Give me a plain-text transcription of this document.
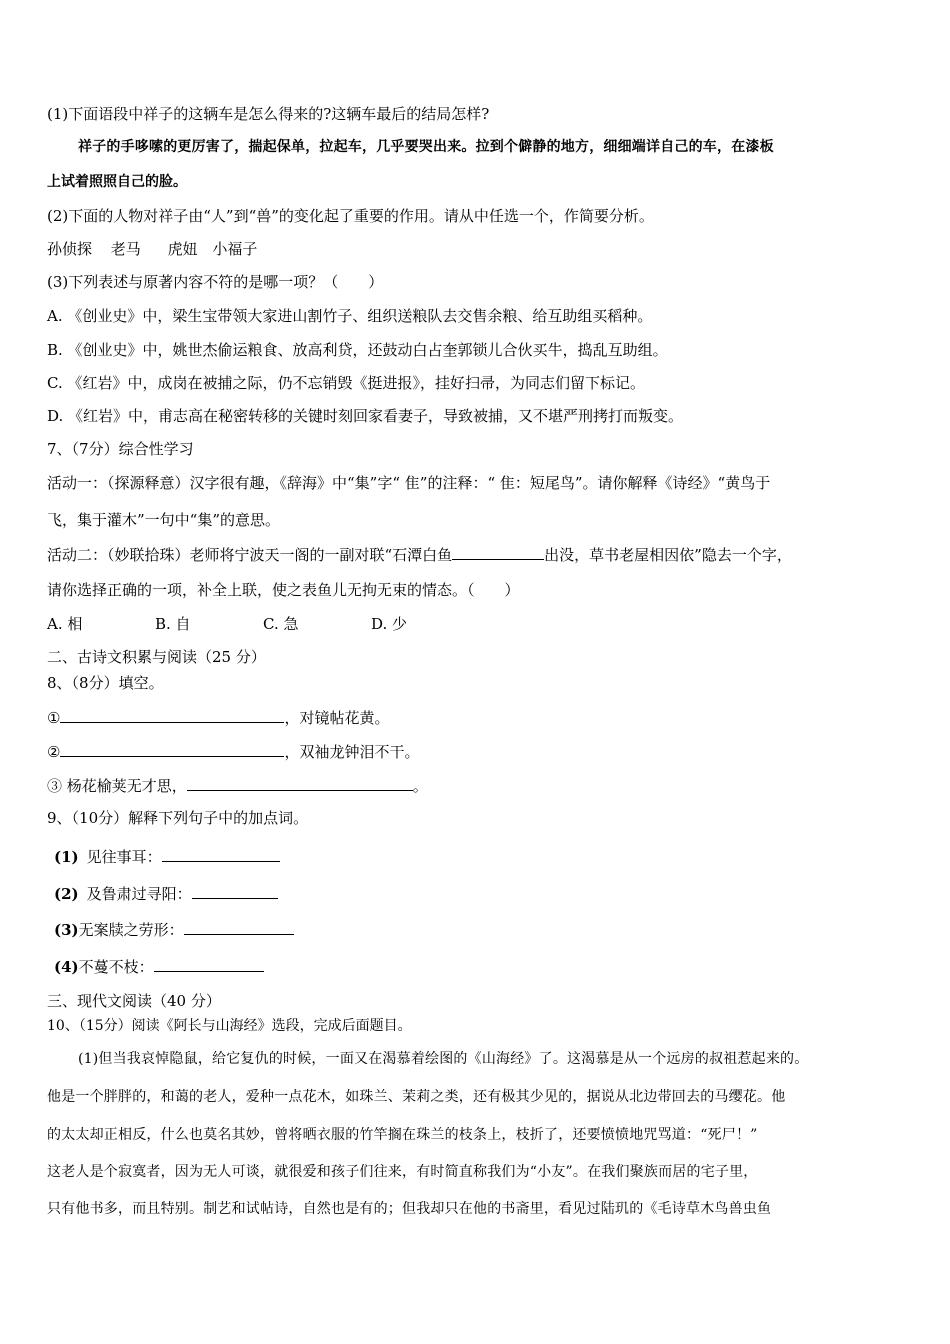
(1)下面语段中祥子的这辆车是怎么得来的?这辆车最后的结局怎样?
祥子的手哆嗦的更厉害了，揣起保单，拉起车，几乎要哭出来。拉到个僻静的地方，细细端详自己的车，在漆板
上试着照照自己的脸。
(2)下面的人物对祥子由“人”到“兽”的变化起了重要的作用。请从中任选一个，作简要分析。
孙侦探 老马 虎妞 小福子
(3)下列表述与原著内容不符的是哪一项？（　　）
A. 《创业史》中，梁生宝带领大家进山割竹子、组织送粮队去交售余粮、给互助组买稻种。
B. 《创业史》中，姚世杰偷运粮食、放高利贷，还鼓动白占奎郭锁儿合伙买牛，捣乱互助组。
C. 《红岩》中，成岗在被捕之际，仍不忘销毁《挺进报》，挂好扫帚，为同志们留下标记。
D. 《红岩》中，甫志高在秘密转移的关键时刻回家看妻子，导致被捕，又不堪严刑拷打而叛变。
7、（7分）综合性学习
活动一：（探源释意）汉字很有趣，《辞海》中“集”字“ 隹”的注释：“ 隹：短尾鸟”。请你解释《诗经》“黄鸟于
飞，集于灌木”一句中“集”的意思。
活动二：（妙联拾珠）老师将宁波天一阁的一副对联“石潭白鱼	出没，草书老屋相因依”隐去一个字，
请你选择正确的一项，补全上联，使之表鱼儿无拘无束的情态。（　　）
A. 相	B. 自	C. 急	D. 少
二、古诗文积累与阅读（25 分）
8、（8分）填空。
①	，对镜帖花黄。
②	，双袖龙钟泪不干。
③ 杨花榆荚无才思，	。
9、（10分）解释下列句子中的加点词。
(1) 见往事耳：
(2) 及鲁肃过寻阳：
(3)无案牍之劳形：
(4)不蔓不枝：
三、现代文阅读（40 分）
10、（15分）阅读《阿长与山海经》选段，完成后面题目。
(1)但当我哀悼隐鼠，给它复仇的时候，一面又在渴慕着绘图的《山海经》了。这渴慕是从一个远房的叔祖惹起来的。
他是一个胖胖的，和蔼的老人，爱种一点花木，如珠兰、茉莉之类，还有极其少见的，据说从北边带回去的马缨花。他
的太太却正相反，什么也莫名其妙，曾将晒衣服的竹竿搁在珠兰的枝条上，枝折了，还要愤愤地咒骂道：“死尸！”
这老人是个寂寞者，因为无人可谈，就很爱和孩子们往来，有时简直称我们为“小友”。在我们聚族而居的宅子里，
只有他书多，而且特别。制艺和试帖诗，自然也是有的；但我却只在他的书斋里，看见过陆玑的《毛诗草木鸟兽虫鱼
